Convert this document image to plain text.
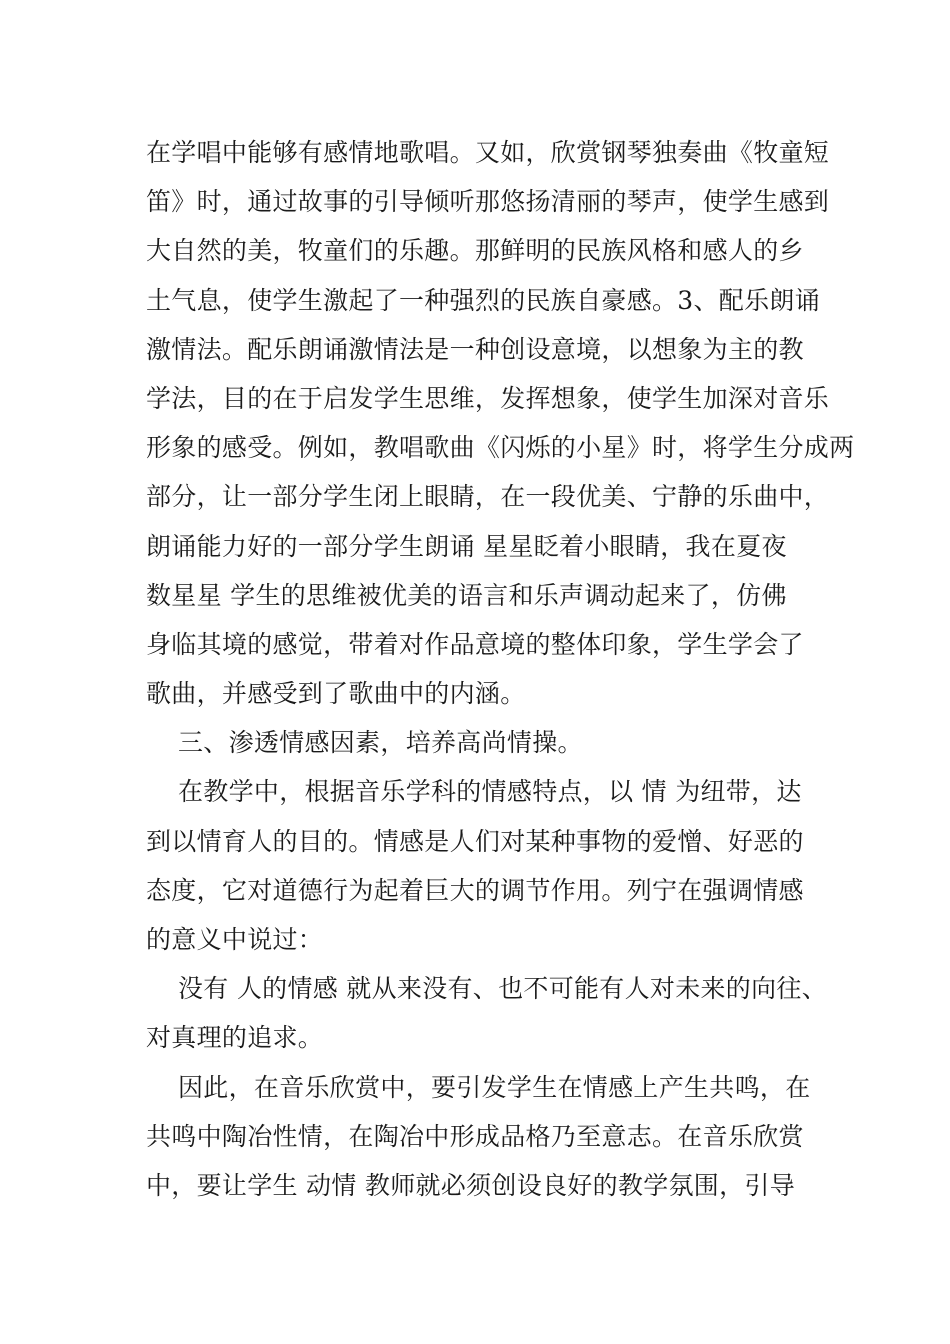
在学唱中能够有感情地歌唱。又如，欣赏钢琴独奏曲《牧童短
笛》时，通过故事的引导倾听那悠扬清丽的琴声，使学生感到
大自然的美，牧童们的乐趣。那鲜明的民族风格和感人的乡
土气息，使学生激起了一种强烈的民族自豪感。3、配乐朗诵
激情法。配乐朗诵激情法是一种创设意境，以想象为主的教
学法，目的在于启发学生思维，发挥想象，使学生加深对音乐
形象的感受。例如，教唱歌曲《闪烁的小星》时，将学生分成两
部分，让一部分学生闭上眼睛，在一段优美、宁静的乐曲中，
朗诵能力好的一部分学生朗诵 星星眨着小眼睛，我在夏夜
数星星 学生的思维被优美的语言和乐声调动起来了，仿佛
身临其境的感觉，带着对作品意境的整体印象，学生学会了
歌曲，并感受到了歌曲中的内涵。
三、渗透情感因素，培养高尚情操。
在教学中，根据音乐学科的情感特点，以 情 为纽带，达
到以情育人的目的。情感是人们对某种事物的爱憎、好恶的
态度，它对道德行为起着巨大的调节作用。列宁在强调情感
的意义中说过：
没有 人的情感 就从来没有、也不可能有人对未来的向往、
对真理的追求。
因此，在音乐欣赏中，要引发学生在情感上产生共鸣，在
共鸣中陶冶性情，在陶冶中形成品格乃至意志。在音乐欣赏
中，要让学生 动情 教师就必须创设良好的教学氛围，引导
